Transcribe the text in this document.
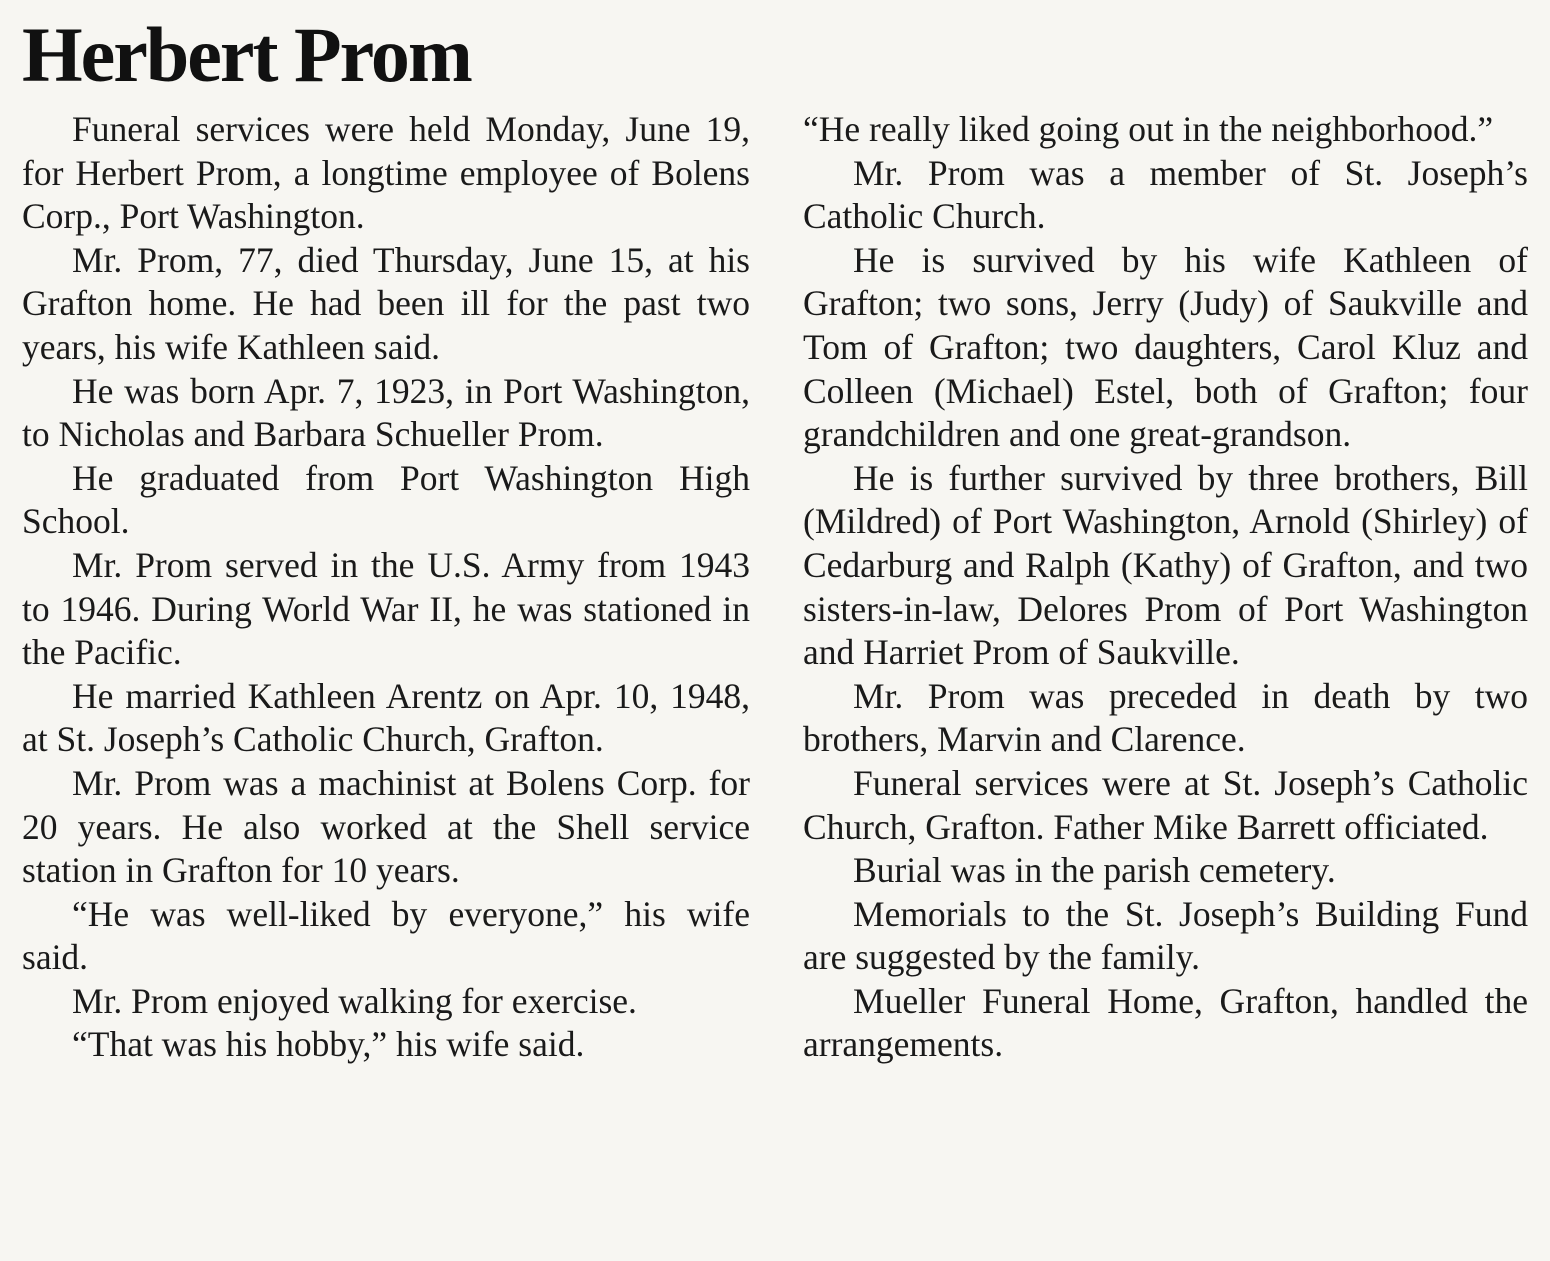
Herbert Prom

Funeral services were held Monday, June 19, for Herbert Prom, a longtime employee of Bolens Corp., Port Washington.

Mr. Prom, 77, died Thursday, June 15, at his Grafton home. He had been ill for the past two years, his wife Kathleen said.

He was born Apr. 7, 1923, in Port Washington, to Nicholas and Barbara Schueller Prom.

He graduated from Port Washington High School.

Mr. Prom served in the U.S. Army from 1943 to 1946. During World War II, he was stationed in the Pacific.

He married Kathleen Arentz on Apr. 10, 1948, at St. Joseph’s Catholic Church, Grafton.

Mr. Prom was a machinist at Bolens Corp. for 20 years. He also worked at the Shell service station in Grafton for 10 years.

“He was well-liked by everyone,” his wife said.

Mr. Prom enjoyed walking for exercise.

“That was his hobby,” his wife said.

“He really liked going out in the neighborhood.”

Mr. Prom was a member of St. Joseph’s Catholic Church.

He is survived by his wife Kathleen of Grafton; two sons, Jerry (Judy) of Saukville and Tom of Grafton; two daughters, Carol Kluz and Colleen (Michael) Estel, both of Grafton; four grandchildren and one great-grandson.

He is further survived by three brothers, Bill (Mildred) of Port Washington, Arnold (Shirley) of Cedarburg and Ralph (Kathy) of Grafton, and two sisters-in-law, Delores Prom of Port Washington and Harriet Prom of Saukville.

Mr. Prom was preceded in death by two brothers, Marvin and Clarence.

Funeral services were at St. Joseph’s Catholic Church, Grafton. Father Mike Barrett officiated.

Burial was in the parish cemetery.

Memorials to the St. Joseph’s Building Fund are suggested by the family.

Mueller Funeral Home, Grafton, handled the arrangements.
